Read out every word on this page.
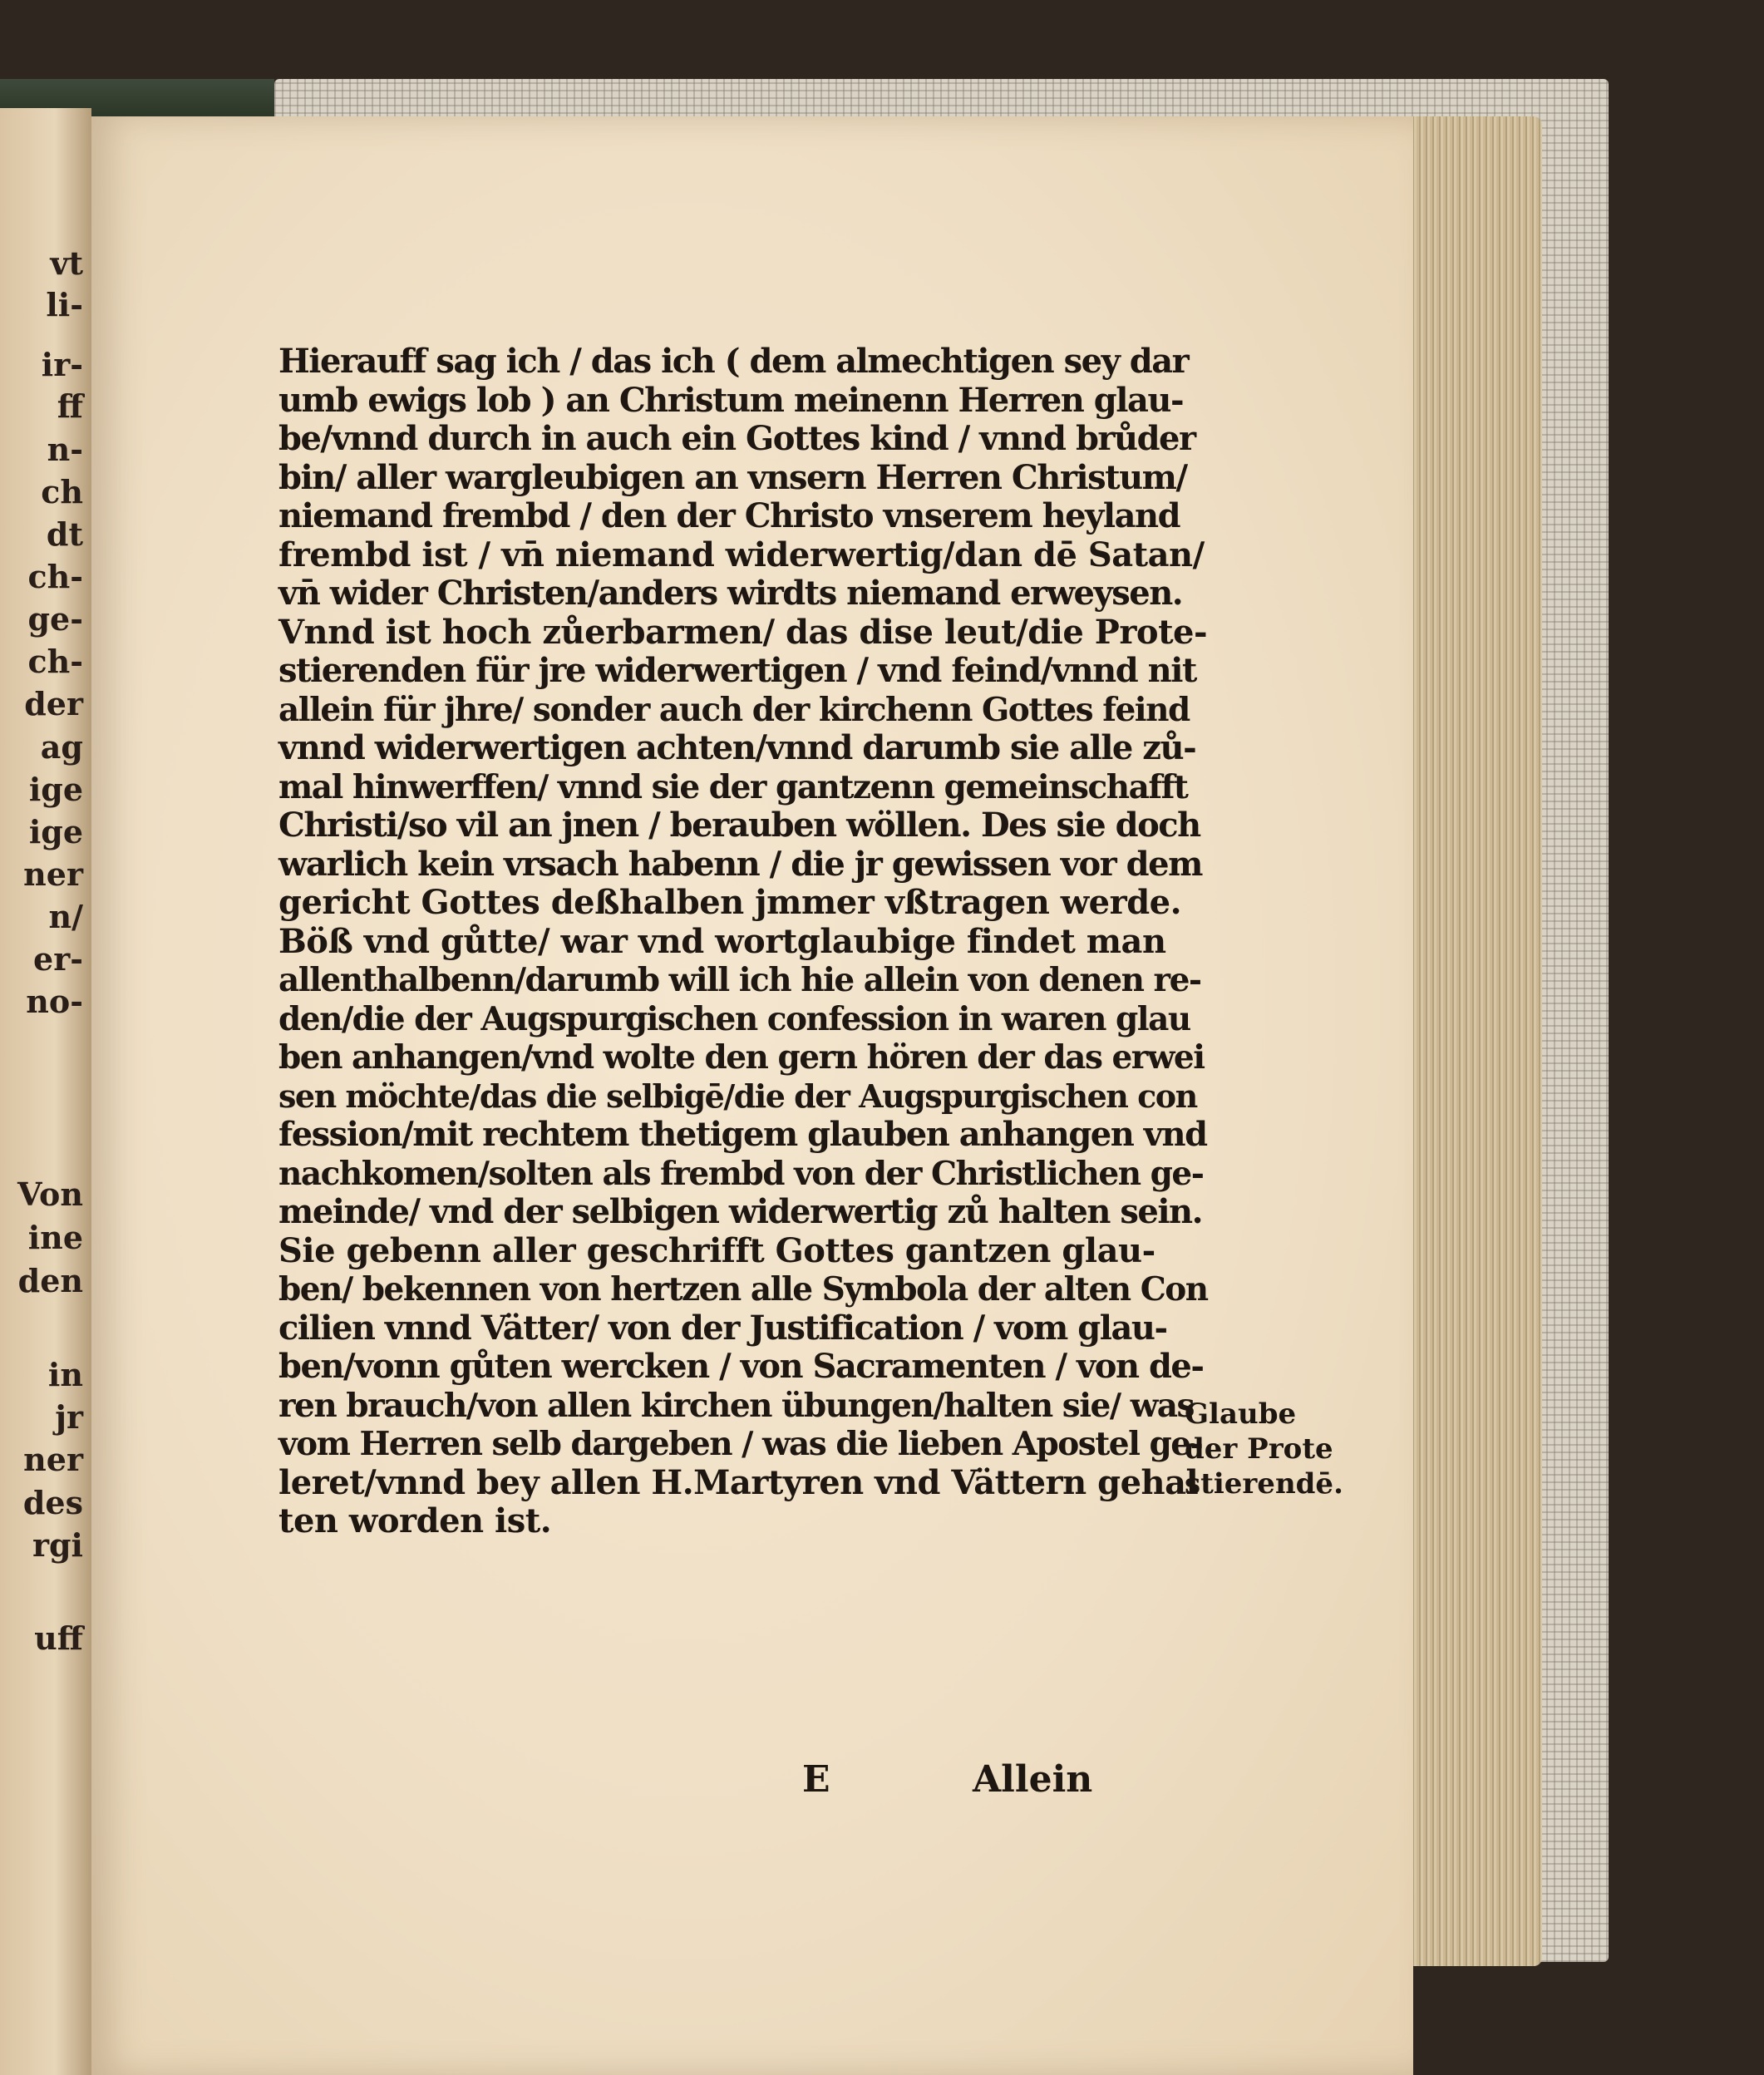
vt
li-
ir-
ff
n-
ch
dt
ch-
ge-
ch-
der
ag
ige
ige
ner
n/
er-
no-
Von
ine
den
in
jr
ner
des
rgi
uff
Hierauff sag ich / das ich ( dem almechtigen sey dar
umb ewigs lob ) an Christum meinenn Herren glau-
be/vnnd durch in auch ein Gottes kind / vnnd brůder
bin/ aller wargleubigen an vnsern Herren Christum/
niemand frembd / den der Christo vnserem heyland
frembd ist / vn̄ niemand widerwertig/dan dē Satan/
vn̄ wider Christen/anders wirdts niemand erweysen.
Vnnd ist hoch zůerbarmen/ das dise leut/die Prote-
stierenden für jre widerwertigen / vnd feind/vnnd nit
allein für jhre/ sonder auch der kirchenn Gottes feind
vnnd widerwertigen achten/vnnd darumb sie alle zů-
mal hinwerffen/ vnnd sie der gantzenn gemeinschafft
Christi/so vil an jnen / berauben wöllen. Des sie doch
warlich kein vrsach habenn / die jr gewissen vor dem
gericht Gottes deßhalben jmmer vßtragen werde.
Böß vnd gůtte/ war vnd wortglaubige findet man
allenthalbenn/darumb will ich hie allein von denen re-
den/die der Augspurgischen confession in waren glau
ben anhangen/vnd wolte den gern hören der das erwei
sen möchte/das die selbigē/die der Augspurgischen con
fession/mit rechtem thetigem glauben anhangen vnd
nachkomen/solten als frembd von der Christlichen ge-
meinde/ vnd der selbigen widerwertig zů halten sein.
Sie gebenn aller geschrifft Gottes gantzen glau-
ben/ bekennen von hertzen alle Symbola der alten Con
cilien vnnd Vätter/ von der Justification / vom glau-
ben/vonn gůten wercken / von Sacramenten / von de-
ren brauch/von allen kirchen übungen/halten sie/ was
vom Herren selb dargeben / was die lieben Apostel ge-
leret/vnnd bey allen H.Martyren vnd Vättern gehal
ten worden ist.
Glaube
der Prote
stierendē.
E	Allein
